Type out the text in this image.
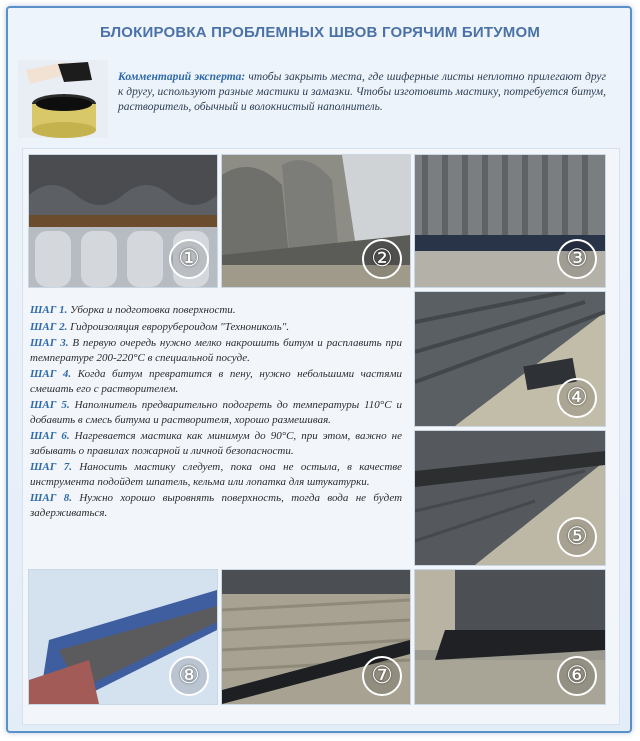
БЛОКИРОВКА ПРОБЛЕМНЫХ ШВОВ ГОРЯЧИМ БИТУМОМ
Комментарий эксперта: чтобы закрыть места, где шиферные листы неплотно прилегают друг к другу, используют разные мастики и замазки. Чтобы изготовить мастику, потребуется битум, растворитель, обычный и волокнистый наполнитель.
①	②	③
④
⑤
⑥
⑦
⑧
ШАГ 1. Уборка и подготовка поверхности.
ШАГ 2. Гидроизоляция еврорубероидом "Технониколь".
ШАГ 3. В первую очередь нужно мелко накрошить битум и расплавить при температуре 200-220°С в специальной посуде.
ШАГ 4. Когда битум превратится в пену, нужно небольшими частями смешать его с растворителем.
ШАГ 5. Наполнитель предварительно подогреть до температуры 110°С и добавить в смесь битума и растворителя, хорошо размешивая.
ШАГ 6. Нагревается мастика как минимум до 90°С, при этом, важно не забывать о правилах пожарной и личной безопасности.
ШАГ 7. Наносить мастику следует, пока она не остыла, в качестве инструмента подойдет шпатель, кельма или лопатка для штукатурки.
ШАГ 8. Нужно хорошо выровнять поверхность, тогда вода не будет задерживаться.
